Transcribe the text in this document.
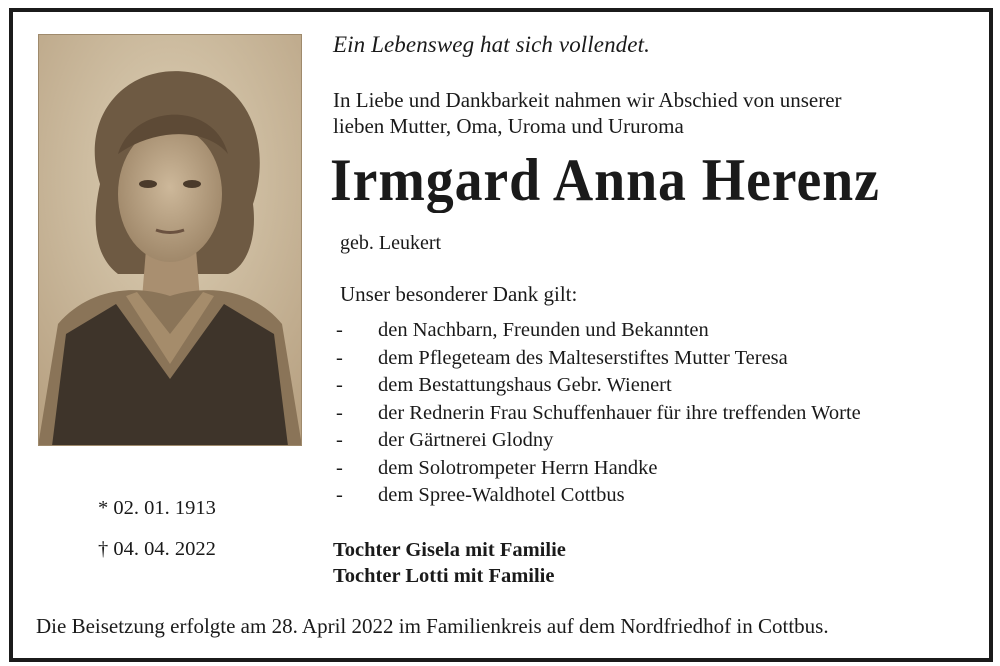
Ein Lebensweg hat sich vollendet.
In Liebe und Dankbarkeit nahmen wir Abschied von unserer
lieben Mutter, Oma, Uroma und Ururoma
Irmgard Anna Herenz
geb. Leukert
Unser besonderer Dank gilt:
-	den Nachbarn, Freunden und Bekannten
-	dem Pflegeteam des Malteserstiftes Mutter Teresa
-	dem Bestattungshaus Gebr. Wienert
-	der Rednerin Frau Schuffenhauer für ihre treffenden Worte
-	der Gärtnerei Glodny
-	dem Solotrompeter Herrn Handke
-	dem Spree-Waldhotel Cottbus
* 02. 01. 1913
† 04. 04. 2022	Tochter Gisela mit Familie
Tochter Lotti mit Familie
Die Beisetzung erfolgte am 28. April 2022 im Familienkreis auf dem Nordfriedhof in Cottbus.
